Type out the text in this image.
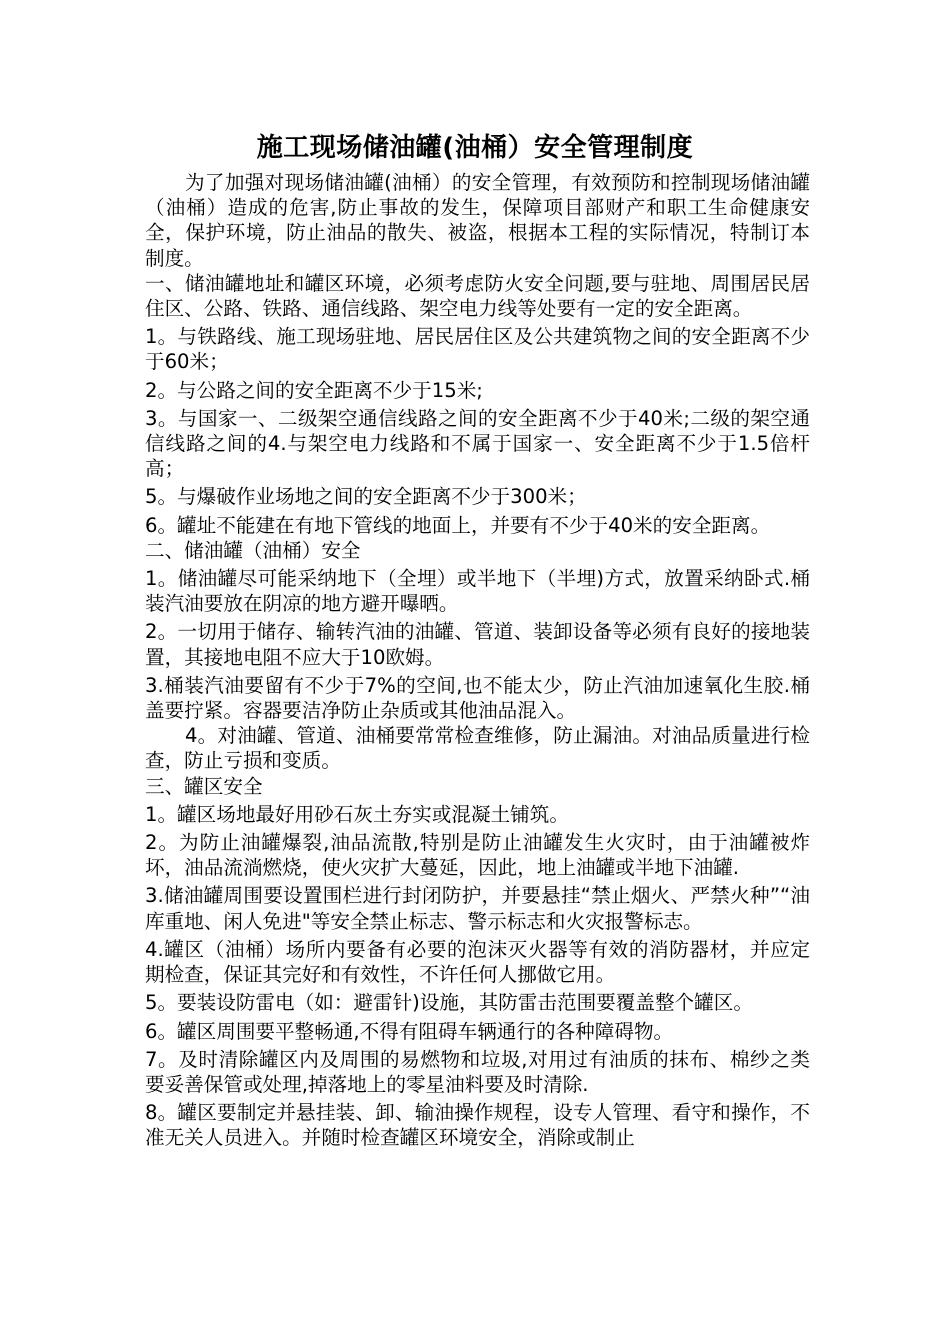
施工现场储油罐(油桶）安全管理制度

为了加强对现场储油罐(油桶）的安全管理，有效预防和控制现场储油罐（油桶）造成的危害,防止事故的发生，保障项目部财产和职工生命健康安全，保护环境，防止油品的散失、被盗，根据本工程的实际情况，特制订本制度。

一、储油罐地址和罐区环境，必须考虑防火安全问题,要与驻地、周围居民居住区、公路、铁路、通信线路、架空电力线等处要有一定的安全距离。

1。与铁路线、施工现场驻地、居民居住区及公共建筑物之间的安全距离不少于60米；

2。与公路之间的安全距离不少于15米;

3。与国家一、二级架空通信线路之间的安全距离不少于40米;二级的架空通信线路之间的4.与架空电力线路和不属于国家一、安全距离不少于1.5倍杆高；

5。与爆破作业场地之间的安全距离不少于300米；

6。罐址不能建在有地下管线的地面上，并要有不少于40米的安全距离。

二、储油罐（油桶）安全

1。储油罐尽可能采纳地下（全埋）或半地下（半埋)方式，放置采纳卧式.桶装汽油要放在阴凉的地方避开曝晒。

2。一切用于储存、输转汽油的油罐、管道、装卸设备等必须有良好的接地装置，其接地电阻不应大于10欧姆。

3.桶装汽油要留有不少于7%的空间,也不能太少，防止汽油加速氧化生胶.桶盖要拧紧。容器要洁净防止杂质或其他油品混入。

4。对油罐、管道、油桶要常常检查维修，防止漏油。对油品质量进行检查，防止亏损和变质。

三、罐区安全

1。罐区场地最好用砂石灰土夯实或混凝土铺筑。

2。为防止油罐爆裂,油品流散,特别是防止油罐发生火灾时，由于油罐被炸坏，油品流淌燃烧，使火灾扩大蔓延，因此，地上油罐或半地下油罐.

3.储油罐周围要设置围栏进行封闭防护，并要悬挂“禁止烟火、严禁火种”“油库重地、闲人免进"等安全禁止标志、警示标志和火灾报警标志。

4.罐区（油桶）场所内要备有必要的泡沫灭火器等有效的消防器材，并应定期检查，保证其完好和有效性，不许任何人挪做它用。

5。要装设防雷电（如：避雷针)设施，其防雷击范围要覆盖整个罐区。

6。罐区周围要平整畅通,不得有阻碍车辆通行的各种障碍物。

7。及时清除罐区内及周围的易燃物和垃圾,对用过有油质的抹布、棉纱之类要妥善保管或处理,掉落地上的零星油料要及时清除.

8。罐区要制定并悬挂装、卸、输油操作规程，设专人管理、看守和操作，不准无关人员进入。并随时检查罐区环境安全，消除或制止
